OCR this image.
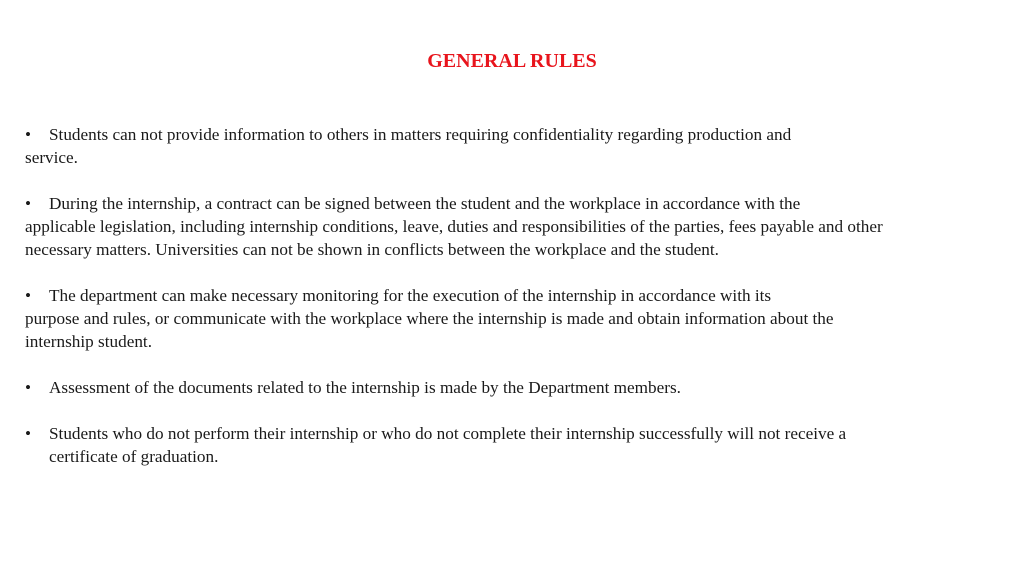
GENERAL RULES
• Students can not provide information to others in matters requiring confidentiality regarding production and
service.
• During the internship, a contract can be signed between the student and the workplace in accordance with the
applicable legislation, including internship conditions, leave, duties and responsibilities of the parties, fees payable and other
necessary matters. Universities can not be shown in conflicts between the workplace and the student.
• The department can make necessary monitoring for the execution of the internship in accordance with its
purpose and rules, or communicate with the workplace where the internship is made and obtain information about the
internship student.
• Assessment of the documents related to the internship is made by the Department members.
• Students who do not perform their internship or who do not complete their internship successfully will not receive a
certificate of graduation.
